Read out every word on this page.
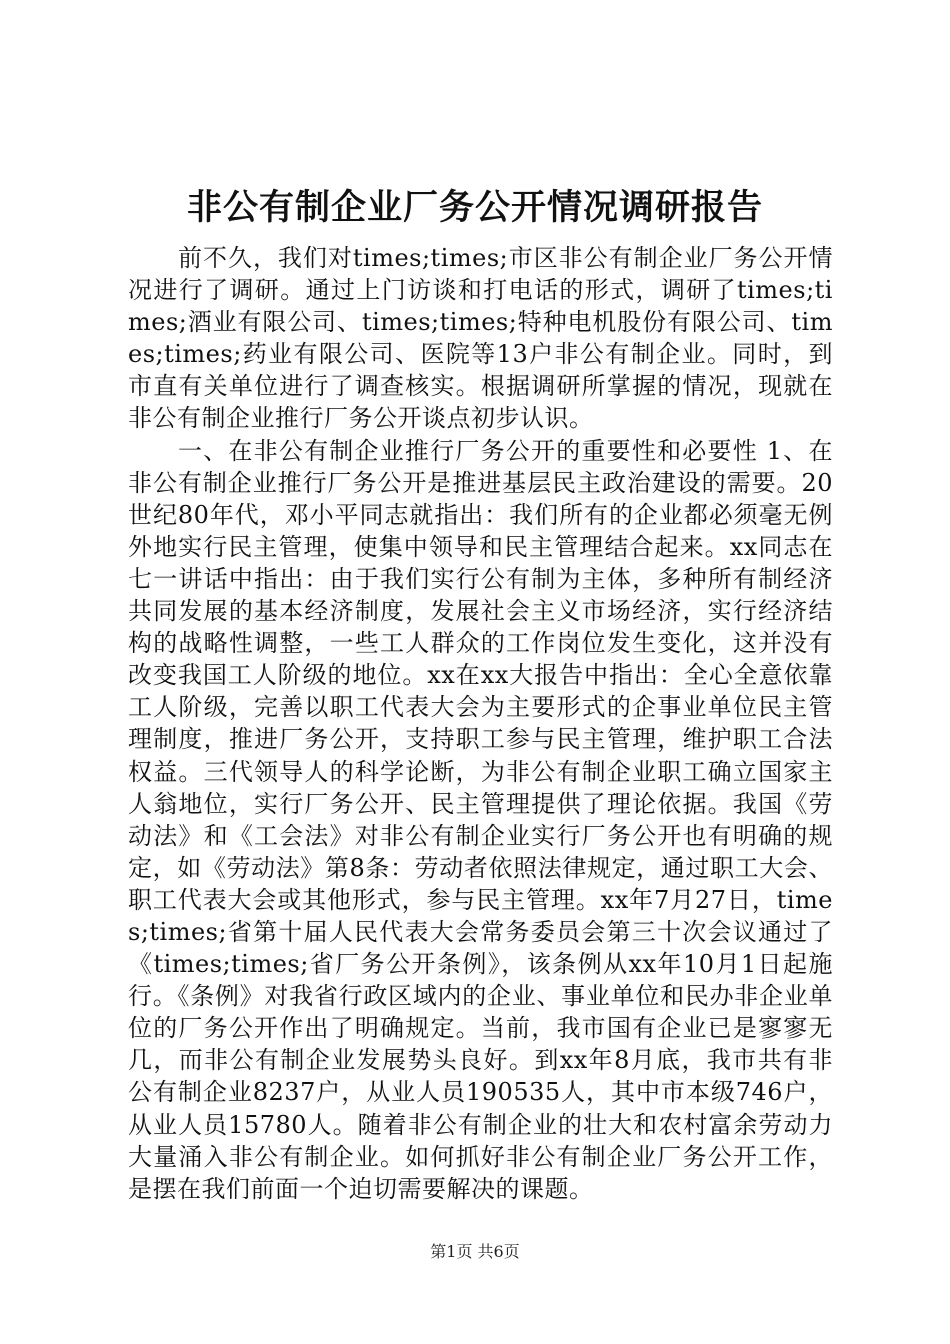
非公有制企业厂务公开情况调研报告

前不久，我们对times;times;市区非公有制企业厂务公开情况进行了调研。通过上门访谈和打电话的形式，调研了times;times;酒业有限公司、times;times;特种电机股份有限公司、times;times;药业有限公司、医院等13户非公有制企业。同时，到市直有关单位进行了调查核实。根据调研所掌握的情况，现就在非公有制企业推行厂务公开谈点初步认识。

一、在非公有制企业推行厂务公开的重要性和必要性 1、在非公有制企业推行厂务公开是推进基层民主政治建设的需要。20世纪80年代，邓小平同志就指出：我们所有的企业都必须毫无例外地实行民主管理，使集中领导和民主管理结合起来。xx同志在七一讲话中指出：由于我们实行公有制为主体，多种所有制经济共同发展的基本经济制度，发展社会主义市场经济，实行经济结构的战略性调整，一些工人群众的工作岗位发生变化，这并没有改变我国工人阶级的地位。xx在xx大报告中指出：全心全意依靠工人阶级，完善以职工代表大会为主要形式的企事业单位民主管理制度，推进厂务公开，支持职工参与民主管理，维护职工合法权益。三代领导人的科学论断，为非公有制企业职工确立国家主人翁地位，实行厂务公开、民主管理提供了理论依据。我国《劳动法》和《工会法》对非公有制企业实行厂务公开也有明确的规定，如《劳动法》第8条：劳动者依照法律规定，通过职工大会、职工代表大会或其他形式，参与民主管理。xx年7月27日，times;times;省第十届人民代表大会常务委员会第三十次会议通过了《times;times;省厂务公开条例》，该条例从xx年10月1日起施行。《条例》对我省行政区域内的企业、事业单位和民办非企业单位的厂务公开作出了明确规定。当前，我市国有企业已是寥寥无几，而非公有制企业发展势头良好。到xx年8月底，我市共有非公有制企业8237户，从业人员190535人，其中市本级746户，从业人员15780人。随着非公有制企业的壮大和农村富余劳动力大量涌入非公有制企业。如何抓好非公有制企业厂务公开工作，是摆在我们前面一个迫切需要解决的课题。

第1页 共6页
